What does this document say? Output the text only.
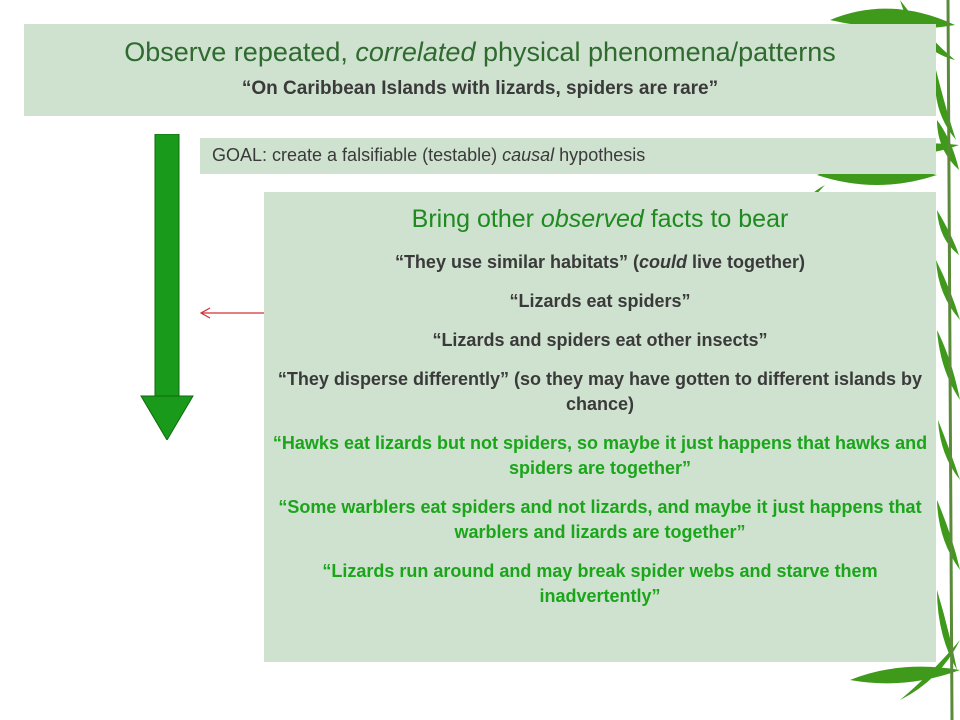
Observe repeated, correlated physical phenomena/patterns
“On Caribbean Islands with lizards, spiders are rare”
GOAL: create a falsifiable (testable) causal hypothesis
Bring other observed facts to bear
“They use similar habitats” (could live together)
“Lizards eat spiders”
“Lizards and spiders eat other insects”
“They disperse differently” (so they may have gotten to different islands by chance)
“Hawks eat lizards but not spiders, so maybe it just happens that hawks and spiders are together”
“Some warblers eat spiders and not lizards, and maybe it just happens that warblers and lizards are together”
“Lizards run around and may break spider webs and starve them inadvertently”
